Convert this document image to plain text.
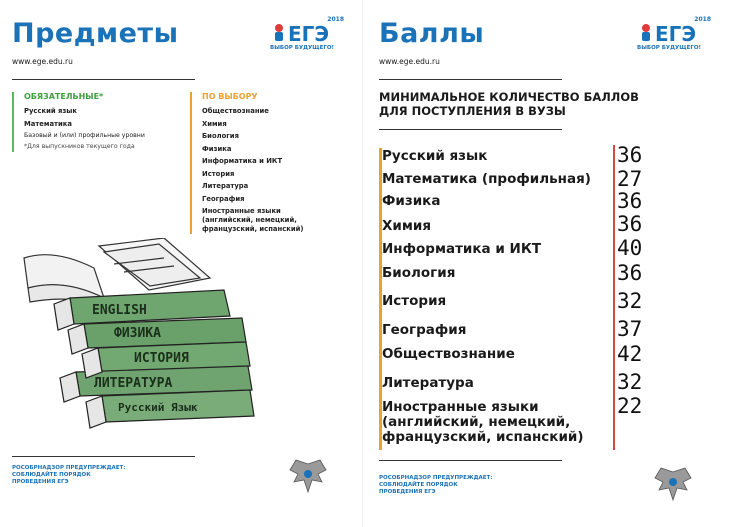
Предметы
www.ege.edu.ru
2018
ЕГЭ
ВЫБОР БУДУЩЕГО!
ОБЯЗАТЕЛЬНЫЕ*
Русский язык
Математика
Базовый и (или) профильные уровни
*Для выпускников текущего года
ПО ВЫБОРУ
Обществознание
Химия
Биология
Физика
Информатика и ИКТ
История
Литература
География
Иностранные языки
(английский, немецкий,
французский, испанский)
ENGLISH
ФИЗИКА
ИСТОРИЯ
ЛИТЕРАТУРА
Русский Язык
РОСОБРНАДЗОР ПРЕДУПРЕЖДАЕТ:
СОБЛЮДАЙТЕ ПОРЯДОК
ПРОВЕДЕНИЯ ЕГЭ
Баллы
www.ege.edu.ru
2018
ЕГЭ
ВЫБОР БУДУЩЕГО!
МИНИМАЛЬНОЕ КОЛИЧЕСТВО БАЛЛОВ
ДЛЯ ПОСТУПЛЕНИЯ В ВУЗЫ
Русский язык	36
Математика (профильная) 27
Физика	36
Химия	36
Информатика и ИКТ	40
Биология	36
История	32
География	37
Обществознание	42
Литература	32
Иностранные языки
(английский, немецкий,
французский, испанский)
22
РОСОБРНАДЗОР ПРЕДУПРЕЖДАЕТ:
СОБЛЮДАЙТЕ ПОРЯДОК
ПРОВЕДЕНИЯ ЕГЭ
